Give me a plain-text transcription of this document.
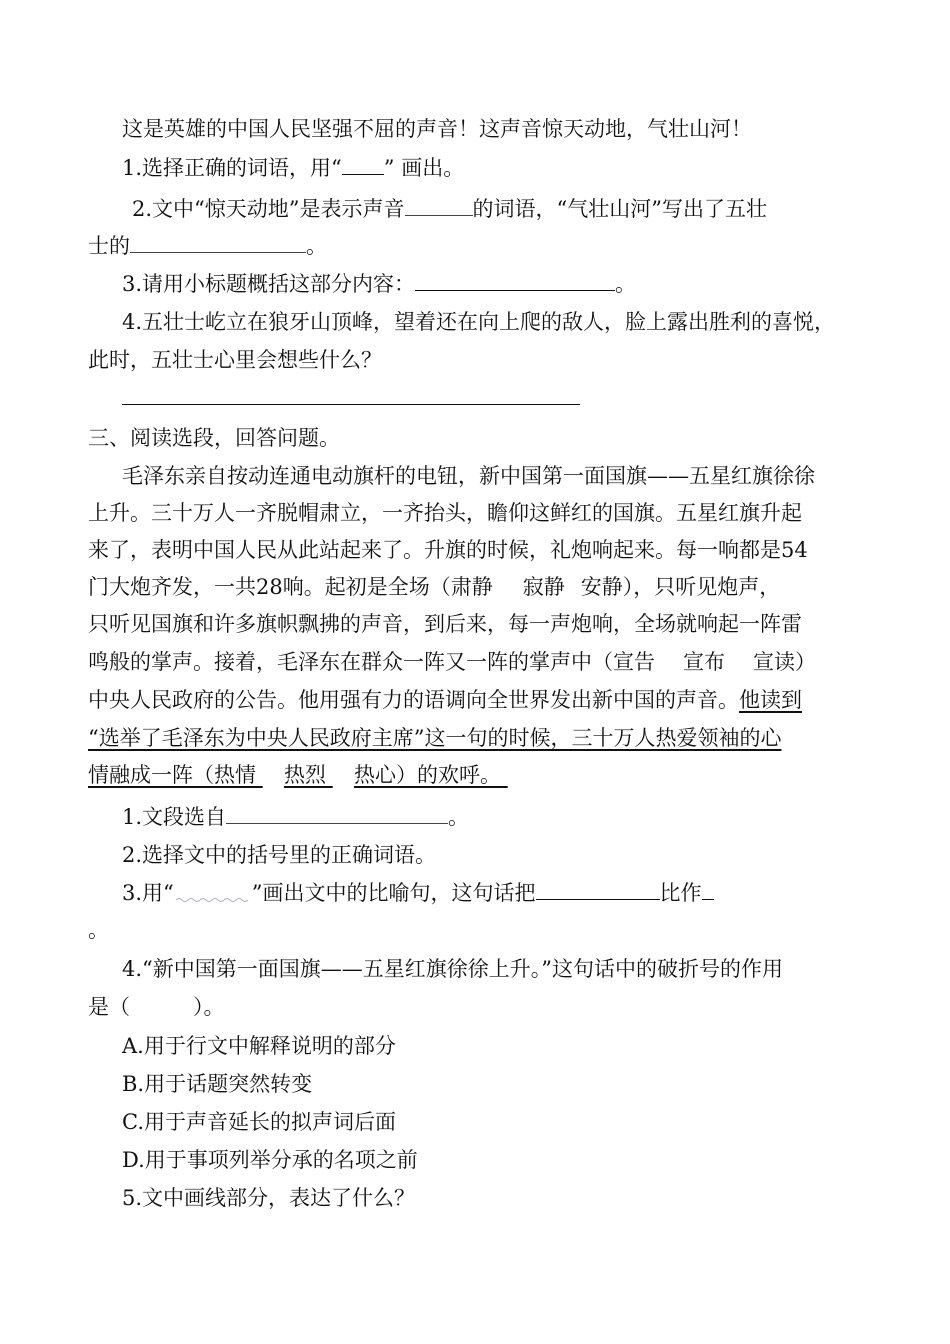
这是英雄的中国人民坚强不屈的声音！这声音惊天动地，气壮山河！
1.选择正确的词语，用“ ” 画出。
2.文中“惊天动地”是表示声音	的词语，“气壮山河”写出了五壮
士的	。
3.请用小标题概括这部分内容：	。
4.五壮士屹立在狼牙山顶峰，望着还在向上爬的敌人，脸上露出胜利的喜悦，
此时，五壮士心里会想些什么？
三、阅读选段，回答问题。
毛泽东亲自按动连通电动旗杆的电钮，新中国第一面国旗——五星红旗徐徐
上升。三十万人一齐脱帽肃立，一齐抬头，瞻仰这鲜红的国旗。五星红旗升起
来了，表明中国人民从此站起来了。升旗的时候，礼炮响起来。每一响都是54
门大炮齐发，一共28响。起初是全场（肃静 寂静 安静），只听见炮声，
只听见国旗和许多旗帜飘拂的声音，到后来，每一声炮响，全场就响起一阵雷
鸣般的掌声。接着，毛泽东在群众一阵又一阵的掌声中（宣告 宣布 宣读）
中央人民政府的公告。他用强有力的语调向全世界发出新中国的声音。他读到
“选举了毛泽东为中央人民政府主席”这一句的时候，三十万人热爱领袖的心
情融成一阵（热情 热烈 热心）的欢呼。
1.文段选自	。
2.选择文中的括号里的正确词语。
3.用“	”画出文中的比喻句，这句话把	比作
。
4.“新中国第一面国旗——五星红旗徐徐上升。”这句话中的破折号的作用
是（　　　）。
A.用于行文中解释说明的部分
B.用于话题突然转变
C.用于声音延长的拟声词后面
D.用于事项列举分承的名项之前
5.文中画线部分，表达了什么？
